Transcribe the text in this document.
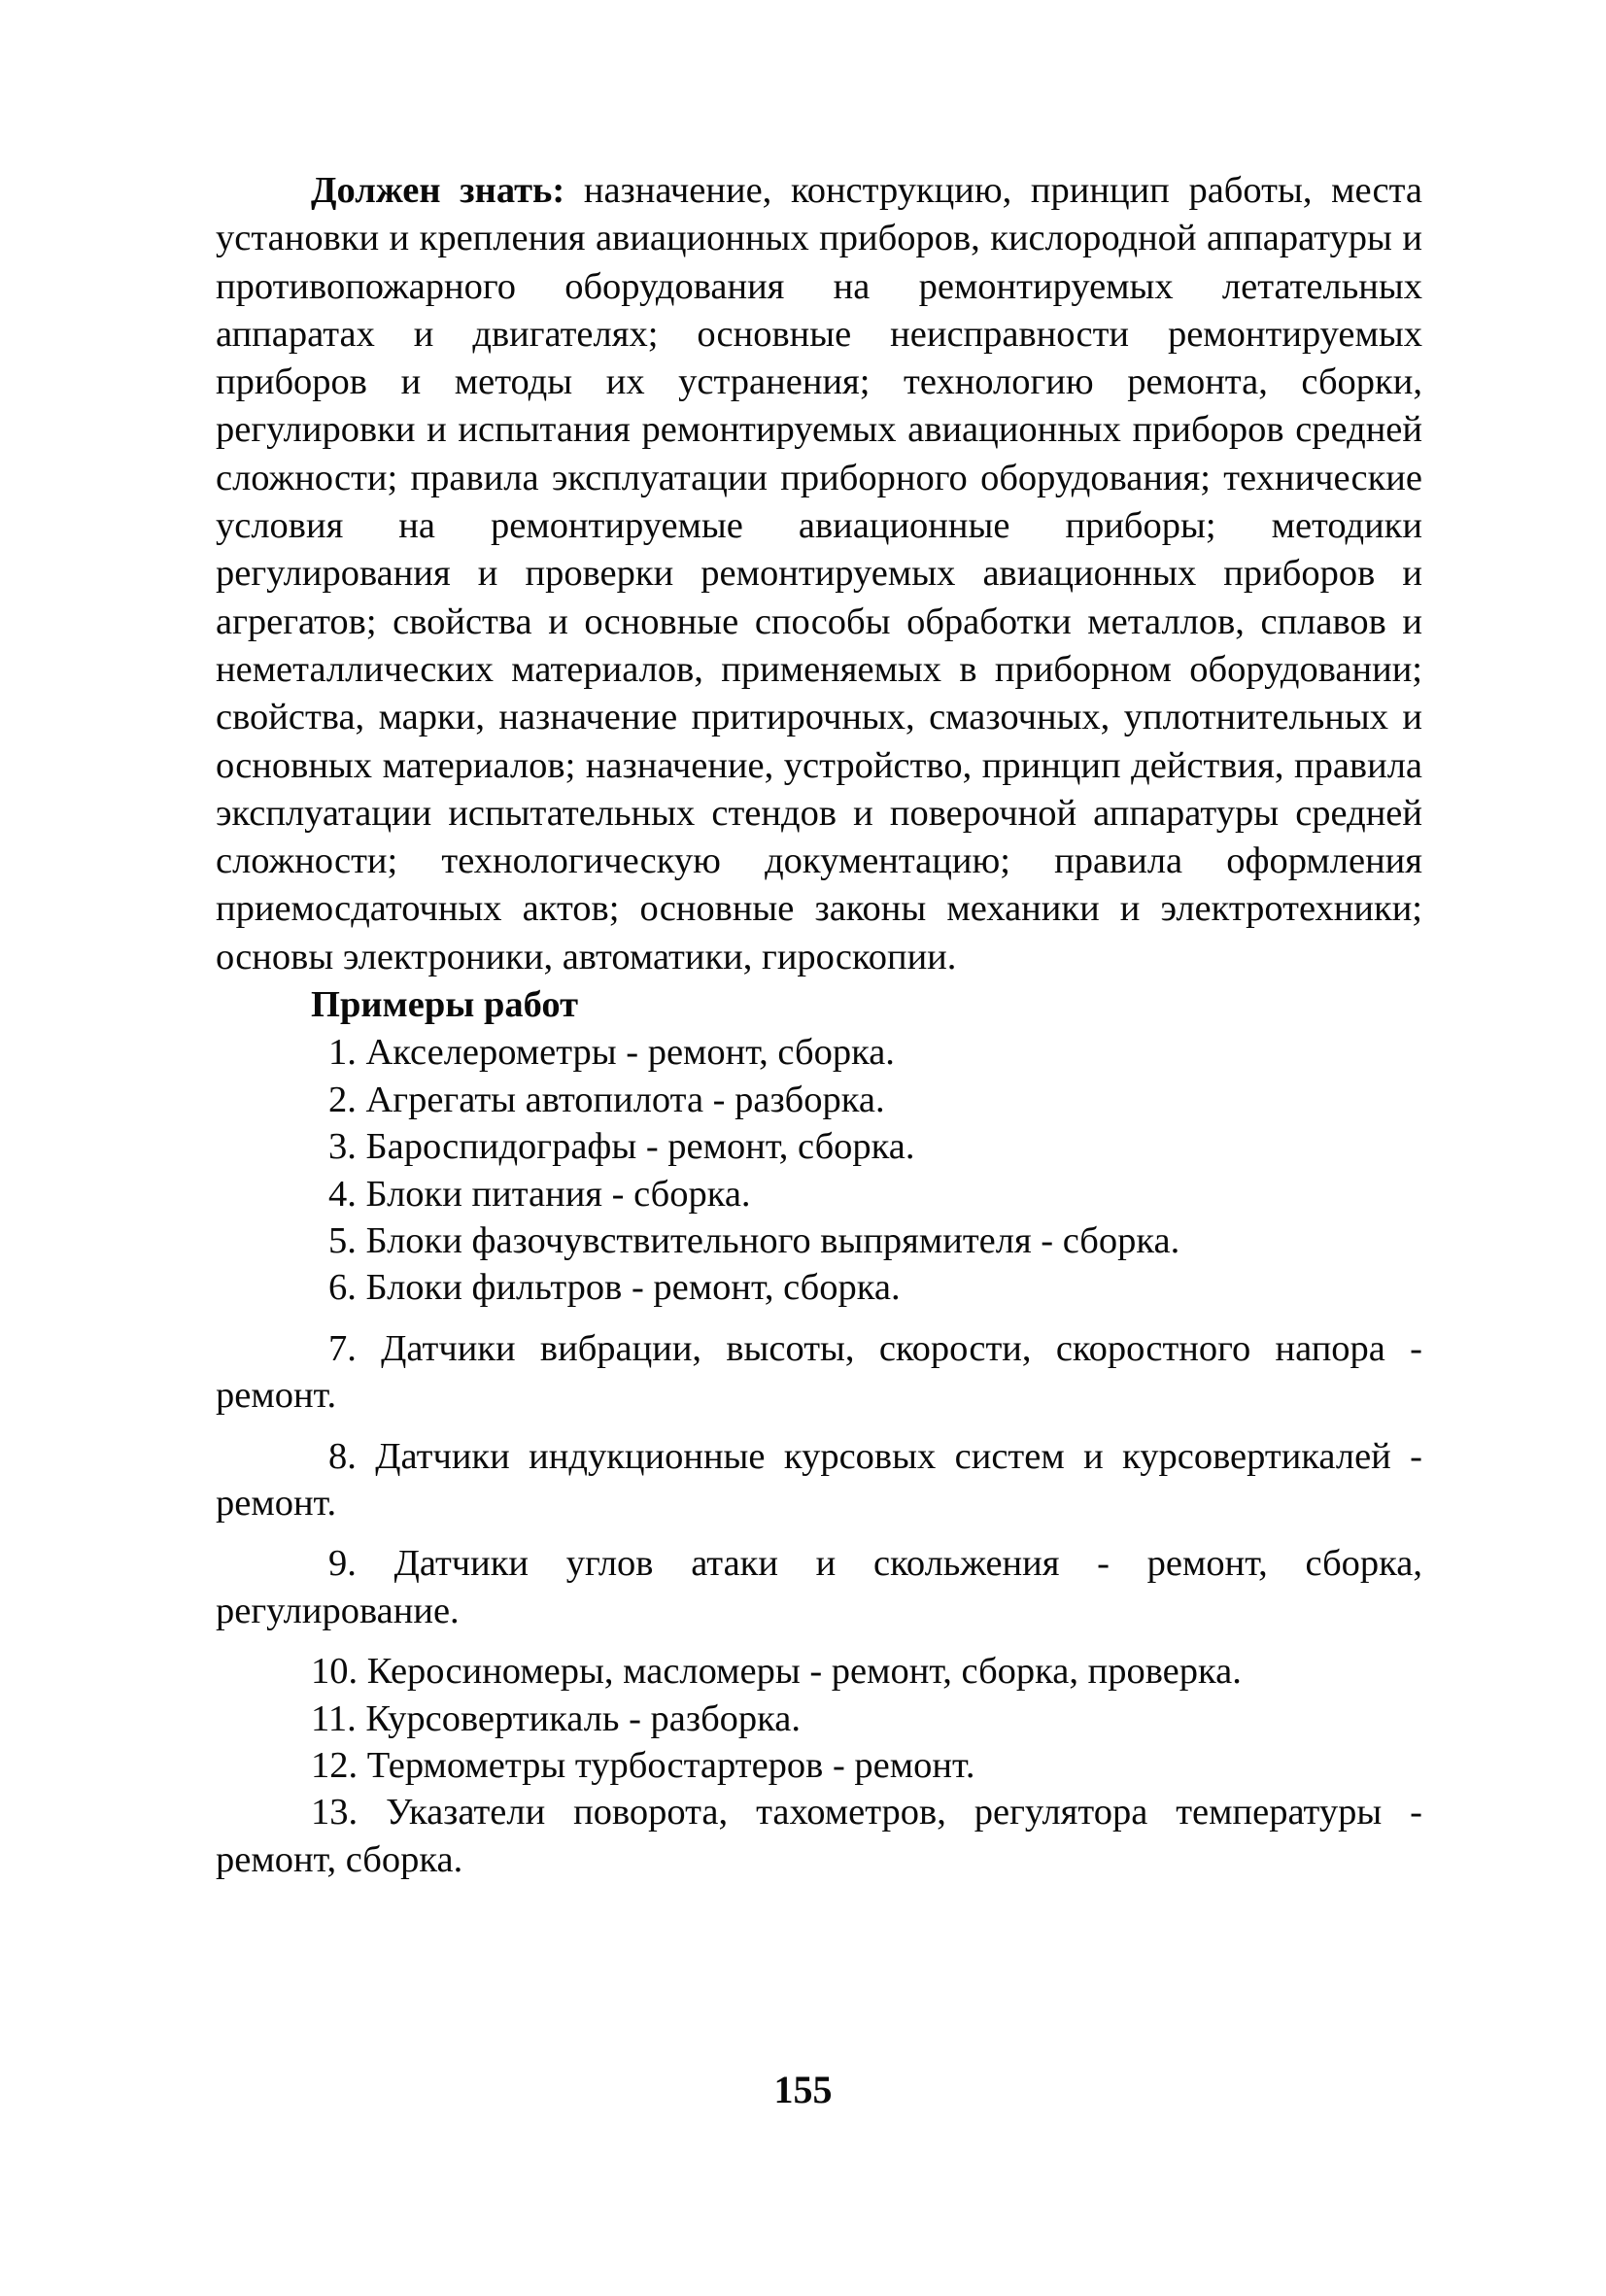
Должен знать: назначение, конструкцию, принцип работы, места установки и крепления авиационных приборов, кислородной аппаратуры и противопожарного оборудования на ремонтируемых летательных аппаратах и двигателях; основные неисправности ремонтируемых приборов и методы их устранения; технологию ремонта, сборки, регулировки и испытания ремонтируемых авиационных приборов средней сложности; правила эксплуатации приборного оборудования; технические условия на ремонтируемые авиационные приборы; методики регулирования и проверки ремонтируемых авиационных приборов и агрегатов; свойства и основные способы обработки металлов, сплавов и неметаллических материалов, применяемых в приборном оборудовании; свойства, марки, назначение притирочных, смазочных, уплотнительных и основных материалов; назначение, устройство, принцип действия, правила эксплуатации испытательных стендов и поверочной аппаратуры средней сложности; технологическую документацию; правила оформления приемосдаточных актов; основные законы механики и электротехники; основы электроники, автоматики, гироскопии.

Примеры работ

1. Акселерометры - ремонт, сборка.
2. Агрегаты автопилота - разборка.
3. Бароспидографы - ремонт, сборка.
4. Блоки питания - сборка.
5. Блоки фазочувствительного выпрямителя - сборка.
6. Блоки фильтров - ремонт, сборка.
7. Датчики вибрации, высоты, скорости, скоростного напора - ремонт.
8. Датчики индукционные курсовых систем и курсовертикалей - ремонт.
9. Датчики углов атаки и скольжения - ремонт, сборка, регулирование.
10. Керосиномеры, масломеры - ремонт, сборка, проверка.
11. Курсовертикаль - разборка.
12. Термометры турбостартеров - ремонт.
13. Указатели поворота, тахометров, регулятора температуры - ремонт, сборка.
155
